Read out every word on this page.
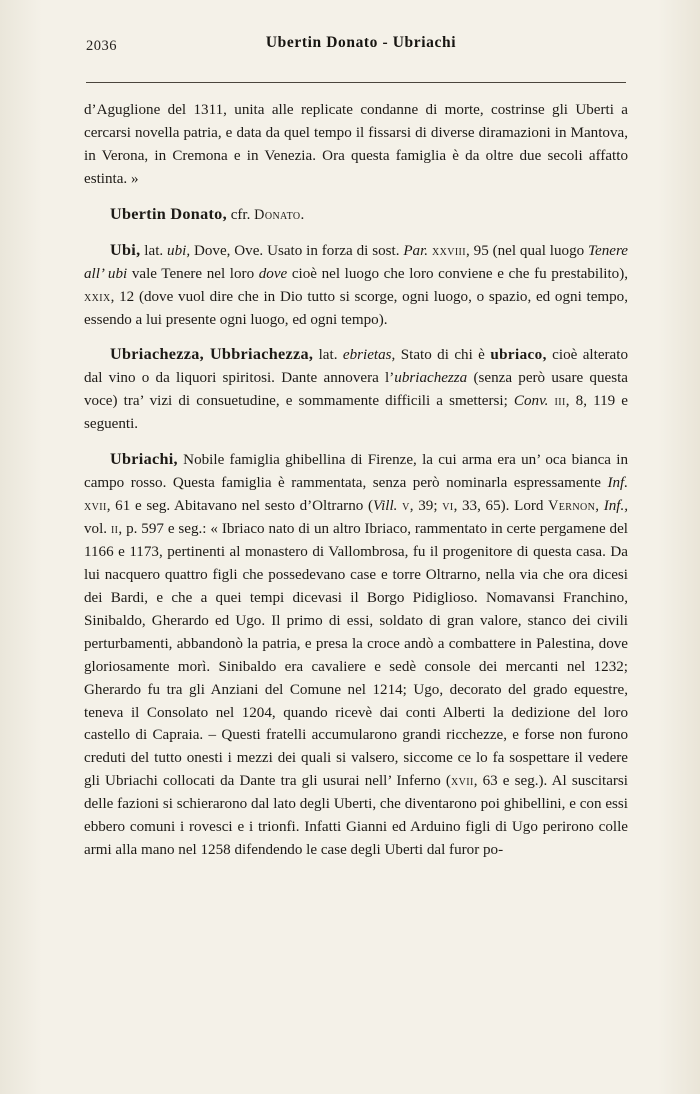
2036	Ubertin Donato - Ubriachi

d’Aguglione del 1311, unita alle replicate condanne di morte, costrinse gli Uberti a cercarsi novella patria, e data da quel tempo il fissarsi di diverse diramazioni in Mantova, in Verona, in Cremona e in Venezia. Ora questa famiglia è da oltre due secoli affatto estinta. »

Ubertin Donato, cfr. Donato.

Ubi, lat. ubi, Dove, Ove. Usato in forza di sost. Par. xxviii, 95 (nel qual luogo Tenere all’ ubi vale Tenere nel loro dove cioè nel luogo che loro conviene e che fu prestabilito), xxix, 12 (dove vuol dire che in Dio tutto si scorge, ogni luogo, o spazio, ed ogni tempo, essendo a lui presente ogni luogo, ed ogni tempo).

Ubriachezza, Ubbriachezza, lat. ebrietas, Stato di chi è ubriaco, cioè alterato dal vino o da liquori spiritosi. Dante annovera l’ubriachezza (senza però usare questa voce) tra’ vizi di consuetudine, e sommamente difficili a smettersi; Conv. iii, 8, 119 e seguenti.

Ubriachi, Nobile famiglia ghibellina di Firenze, la cui arma era un’ oca bianca in campo rosso. Questa famiglia è rammentata, senza però nominarla espressamente Inf. xvii, 61 e seg. Abitavano nel sesto d’Oltrarno (Vill. v, 39; vi, 33, 65). Lord Vernon, Inf., vol. ii, p. 597 e seg.: « Ibriaco nato di un altro Ibriaco, rammentato in certe pergamene del 1166 e 1173, pertinenti al monastero di Vallombrosa, fu il progenitore di questa casa. Da lui nacquero quattro figli che possedevano case e torre Oltrarno, nella via che ora dicesi dei Bardi, e che a quei tempi dicevasi il Borgo Pidiglioso. Nomavansi Franchino, Sinibaldo, Gherardo ed Ugo. Il primo di essi, soldato di gran valore, stanco dei civili perturbamenti, abbandonò la patria, e presa la croce andò a combattere in Palestina, dove gloriosamente morì. Sinibaldo era cavaliere e sedè console dei mercanti nel 1232; Gherardo fu tra gli Anziani del Comune nel 1214; Ugo, decorato del grado equestre, teneva il Consolato nel 1204, quando ricevè dai conti Alberti la dedizione del loro castello di Capraia. – Questi fratelli accumularono grandi ricchezze, e forse non furono creduti del tutto onesti i mezzi dei quali si valsero, siccome ce lo fa sospettare il vedere gli Ubriachi collocati da Dante tra gli usurai nell’ Inferno (xvii, 63 e seg.). Al suscitarsi delle fazioni si schierarono dal lato degli Uberti, che diventarono poi ghibellini, e con essi ebbero comuni i rovesci e i trionfi. Infatti Gianni ed Arduino figli di Ugo perirono colle armi alla mano nel 1258 difendendo le case degli Uberti dal furor po-
